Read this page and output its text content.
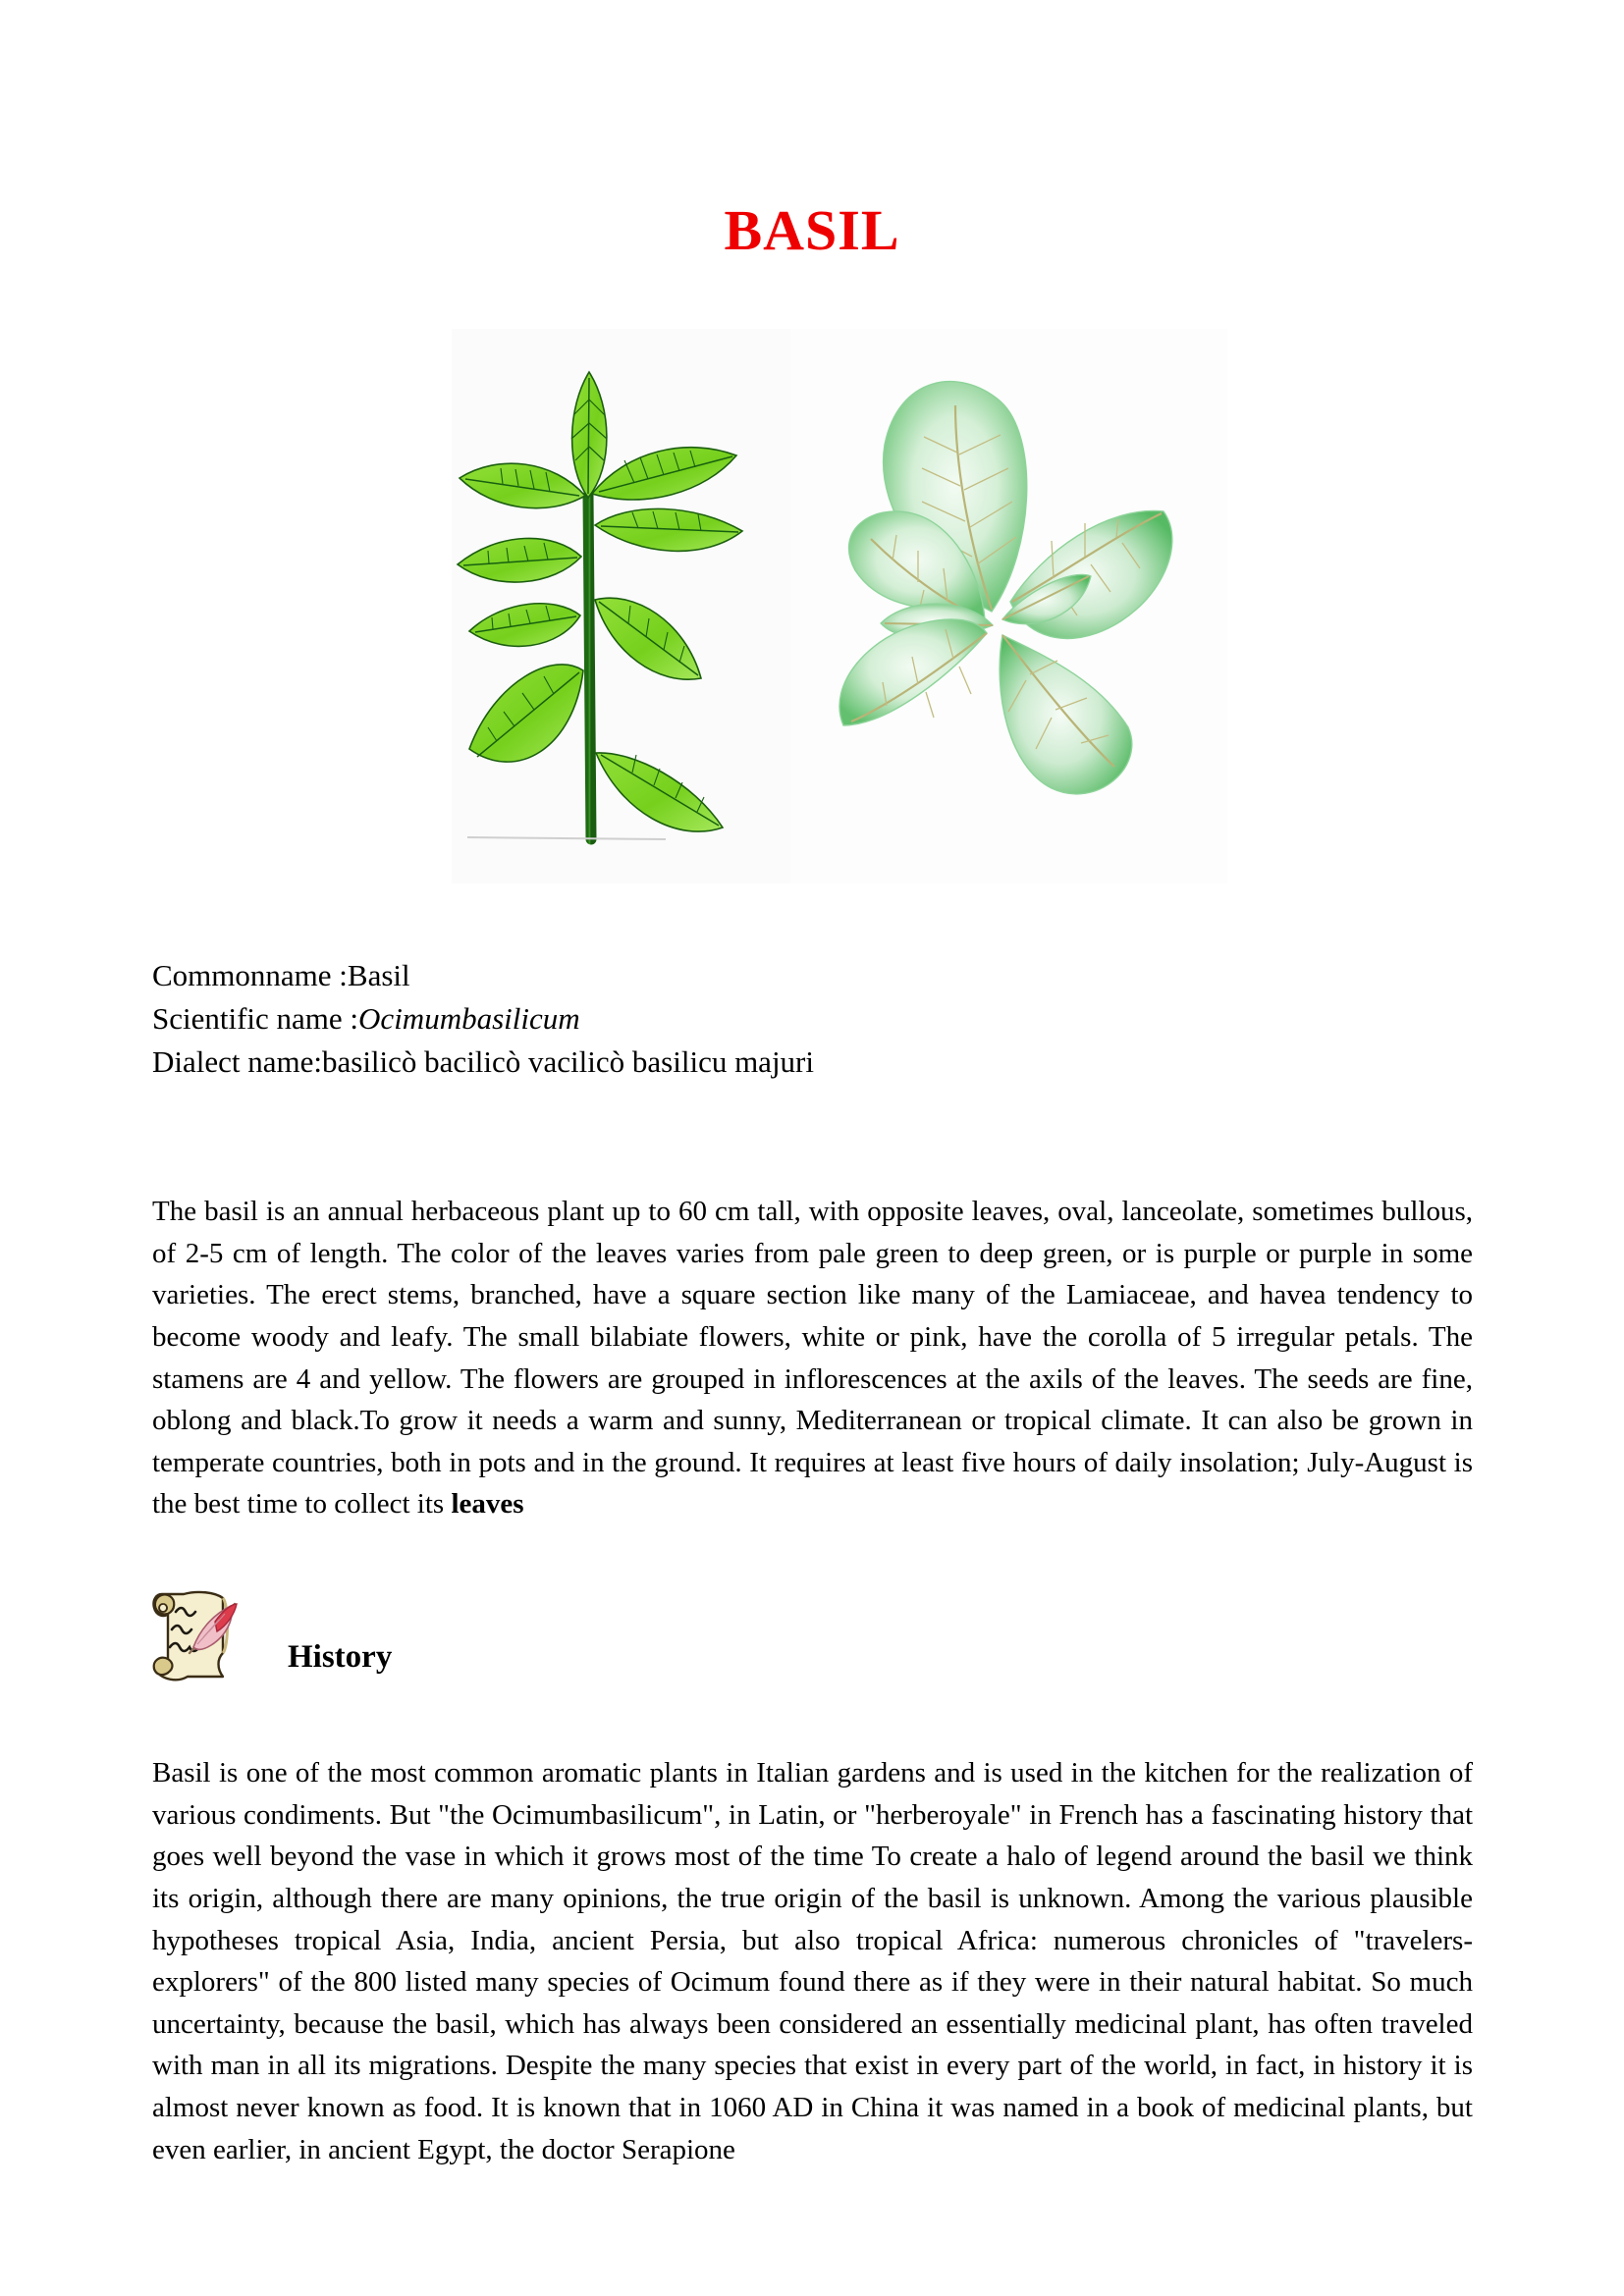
BASIL
Commonname :Basil
Scientific name :Ocimumbasilicum
Dialect name:basilicò bacilicò vacilicò basilicu majuri

The basil is an annual herbaceous plant up to 60 cm tall, with opposite leaves, oval, lanceolate, sometimes bullous, of 2-5 cm of length. The color of the leaves varies from pale green to deep green, or is purple or purple in some varieties. The erect stems, branched, have a square section like many of the Lamiaceae, and havea tendency to become woody and leafy. The small bilabiate flowers, white or pink, have the corolla of 5 irregular petals. The stamens are 4 and yellow. The flowers are grouped in inflorescences at the axils of the leaves. The seeds are fine, oblong and black.To grow it needs a warm and sunny, Mediterranean or tropical climate. It can also be grown in temperate countries, both in pots and in the ground. It requires at least five hours of daily insolation; July-August is the best time to collect its leaves

History

Basil is one of the most common aromatic plants in Italian gardens and is used in the kitchen for the realization of various condiments. But "the Ocimumbasilicum", in Latin, or "herberoyale" in French has a fascinating history that goes well beyond the vase in which it grows most of the time To create a halo of legend around the basil we think its origin, although there are many opinions, the true origin of the basil is unknown. Among the various plausible hypotheses tropical Asia, India, ancient Persia, but also tropical Africa: numerous chronicles of "travelers-explorers" of the 800 listed many species of Ocimum found there as if they were in their natural habitat. So much uncertainty, because the basil, which has always been considered an essentially medicinal plant, has often traveled with man in all its migrations. Despite the many species that exist in every part of the world, in fact, in history it is almost never known as food. It is known that in 1060 AD in China it was named in a book of medicinal plants, but even earlier, in ancient Egypt, the doctor Serapione
